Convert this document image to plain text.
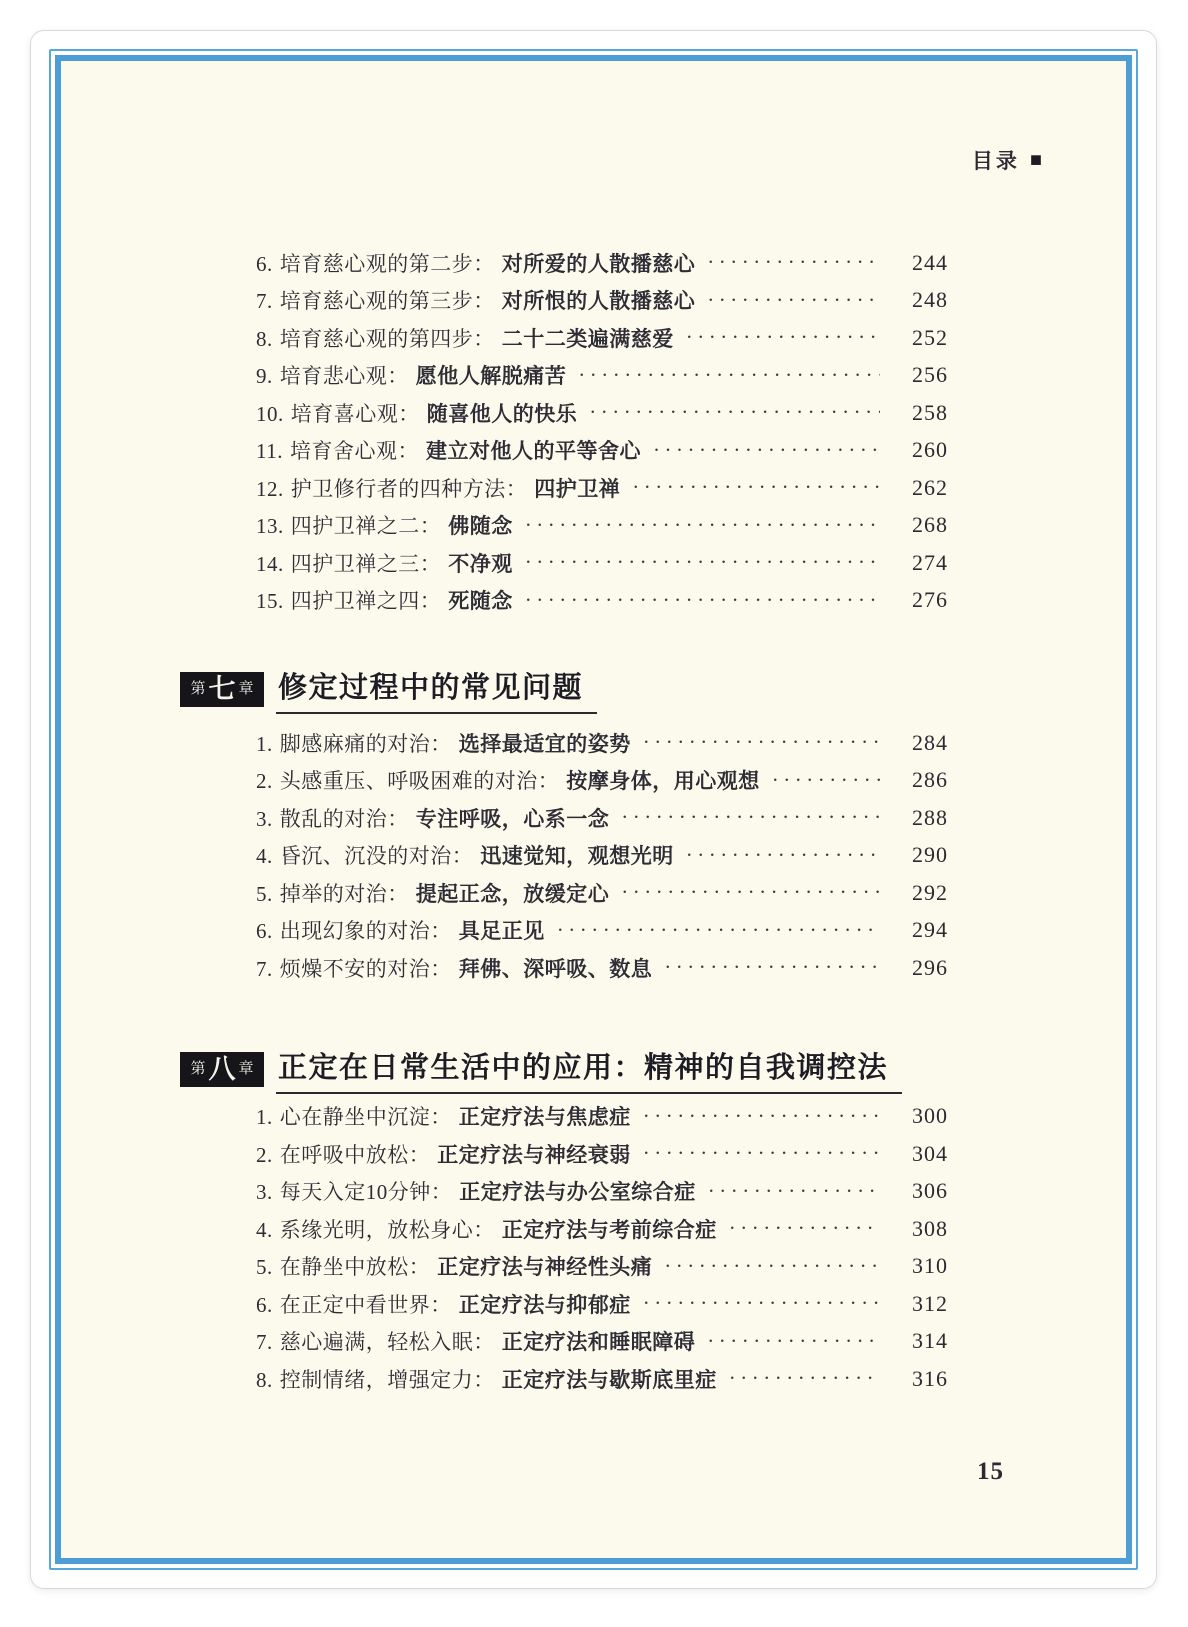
目录 ■
6. 培育慈心观的第二步： 对所爱的人散播慈心 ·····	244
7. 培育慈心观的第三步： 对所恨的人散播慈心 ·····	248
8. 培育慈心观的第四步： 二十二类遍满慈爱 ·····	252
9. 培育悲心观： 愿他人解脱痛苦 ·····	256
10. 培育喜心观： 随喜他人的快乐 ·····	258
11. 培育舍心观： 建立对他人的平等舍心 ·····	260
12. 护卫修行者的四种方法： 四护卫禅 ·····	262
13. 四护卫禅之二： 佛随念 ·····	268
14. 四护卫禅之三： 不净观 ·····	274
15. 四护卫禅之四： 死随念 ·····	276
第 七 章 修定过程中的常见问题
1. 脚感麻痛的对治： 选择最适宜的姿势 ·····	284
2. 头感重压、呼吸困难的对治： 按摩身体，用心观想 ·····	286
3. 散乱的对治： 专注呼吸，心系一念 ·····	288
4. 昏沉、沉没的对治： 迅速觉知，观想光明 ·····	290
5. 掉举的对治： 提起正念，放缓定心 ·····	292
6. 出现幻象的对治： 具足正见 ·····	294
7. 烦燥不安的对治： 拜佛、深呼吸、数息 ·····	296
第 八 章 正定在日常生活中的应用：精神的自我调控法
1. 心在静坐中沉淀： 正定疗法与焦虑症 ·····	300
2. 在呼吸中放松： 正定疗法与神经衰弱 ·····	304
3. 每天入定10分钟： 正定疗法与办公室综合症 ·····	306
4. 系缘光明，放松身心： 正定疗法与考前综合症 ·····	308
5. 在静坐中放松： 正定疗法与神经性头痛 ·····	310
6. 在正定中看世界： 正定疗法与抑郁症 ·····	312
7. 慈心遍满，轻松入眠： 正定疗法和睡眠障碍 ·····	314
8. 控制情绪，增强定力： 正定疗法与歇斯底里症 ·····	316
15
